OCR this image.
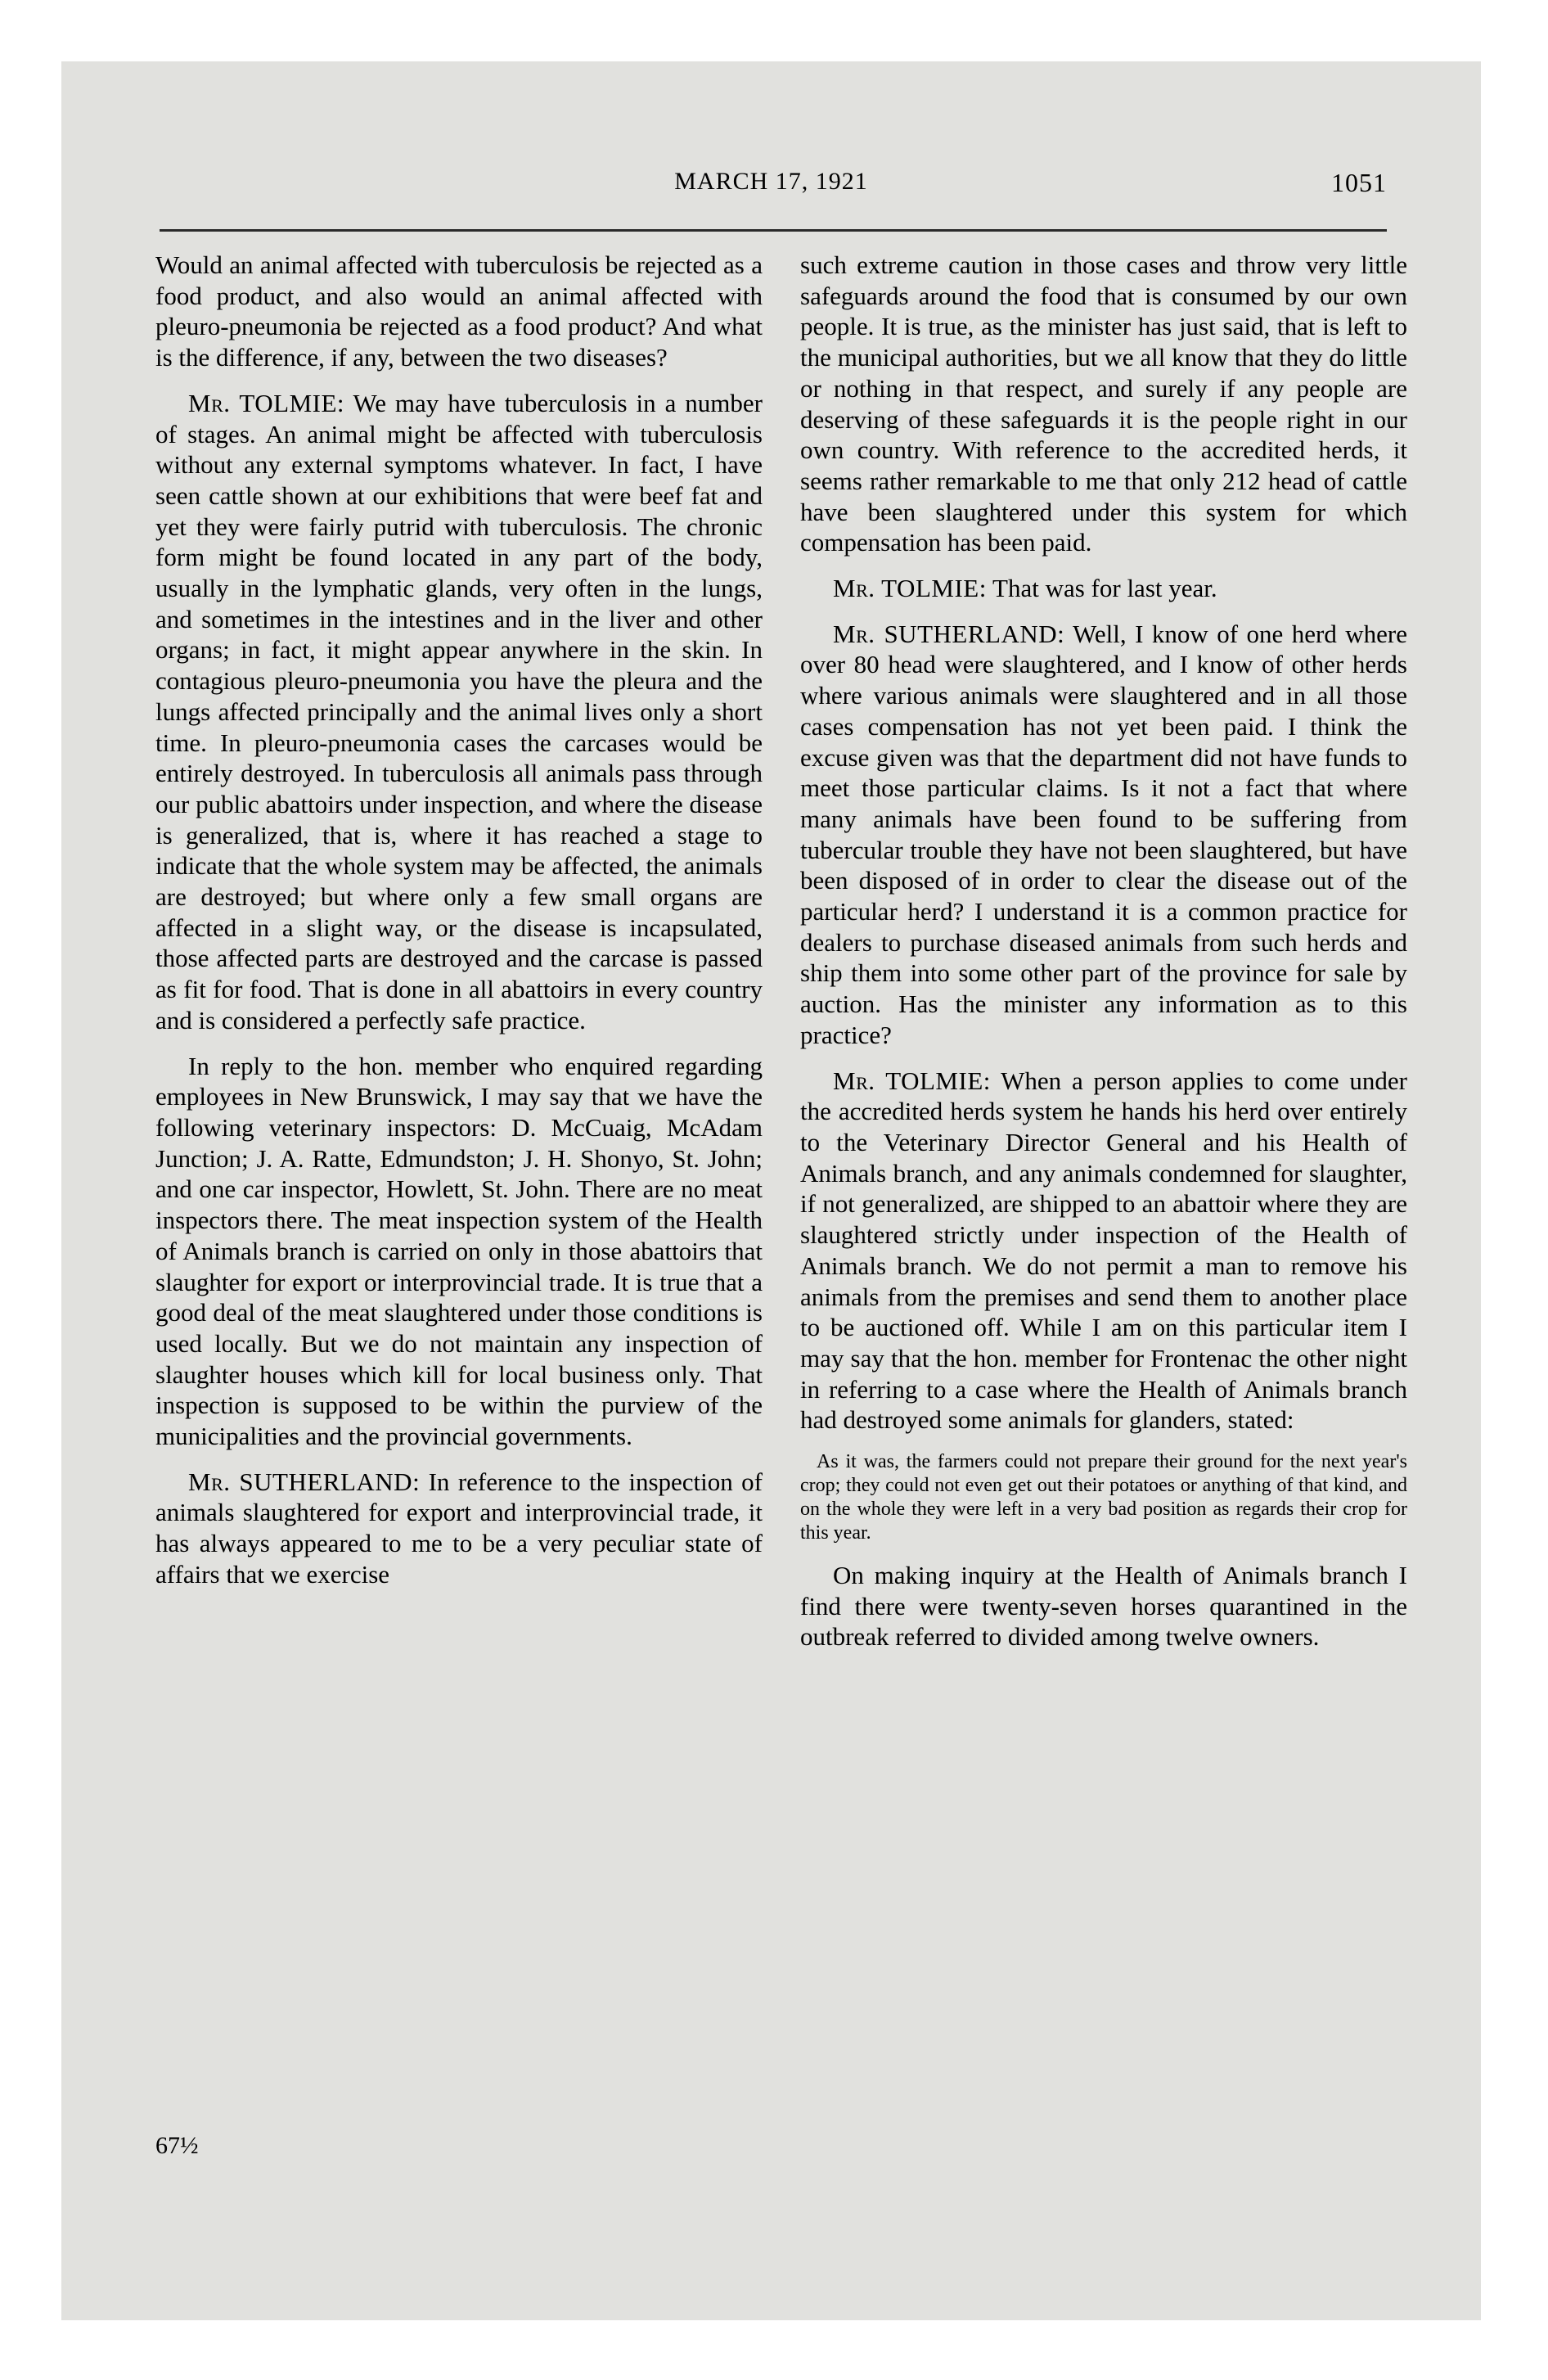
MARCH 17, 1921	1051

Would an animal affected with tuberculosis be rejected as a food product, and also would an animal affected with pleuro-pneumonia be rejected as a food product? And what is the difference, if any, between the two diseases?

Mr. TOLMIE: We may have tuberculosis in a number of stages. An animal might be affected with tuberculosis without any external symptoms whatever. In fact, I have seen cattle shown at our exhibitions that were beef fat and yet they were fairly putrid with tuberculosis. The chronic form might be found located in any part of the body, usually in the lymphatic glands, very often in the lungs, and sometimes in the intestines and in the liver and other organs; in fact, it might appear anywhere in the skin. In contagious pleuro-pneumonia you have the pleura and the lungs affected principally and the animal lives only a short time. In pleuro-pneumonia cases the carcases would be entirely destroyed. In tuberculosis all animals pass through our public abattoirs under inspection, and where the disease is generalized, that is, where it has reached a stage to indicate that the whole system may be affected, the animals are destroyed; but where only a few small organs are affected in a slight way, or the disease is incapsulated, those affected parts are destroyed and the carcase is passed as fit for food. That is done in all abattoirs in every country and is considered a perfectly safe practice.

In reply to the hon. member who enquired regarding employees in New Brunswick, I may say that we have the following veterinary inspectors: D. McCuaig, McAdam Junction; J. A. Ratte, Edmundston; J. H. Shonyo, St. John; and one car inspector, Howlett, St. John. There are no meat inspectors there. The meat inspection system of the Health of Animals branch is carried on only in those abattoirs that slaughter for export or interprovincial trade. It is true that a good deal of the meat slaughtered under those conditions is used locally. But we do not maintain any inspection of slaughter houses which kill for local business only. That inspection is supposed to be within the purview of the municipalities and the provincial governments.

Mr. SUTHERLAND: In reference to the inspection of animals slaughtered for export and interprovincial trade, it has always appeared to me to be a very peculiar state of affairs that we exercise

such extreme caution in those cases and throw very little safeguards around the food that is consumed by our own people. It is true, as the minister has just said, that is left to the municipal authorities, but we all know that they do little or nothing in that respect, and surely if any people are deserving of these safeguards it is the people right in our own country. With reference to the accredited herds, it seems rather remarkable to me that only 212 head of cattle have been slaughtered under this system for which compensation has been paid.

Mr. TOLMIE: That was for last year.

Mr. SUTHERLAND: Well, I know of one herd where over 80 head were slaughtered, and I know of other herds where various animals were slaughtered and in all those cases compensation has not yet been paid. I think the excuse given was that the department did not have funds to meet those particular claims. Is it not a fact that where many animals have been found to be suffering from tubercular trouble they have not been slaughtered, but have been disposed of in order to clear the disease out of the particular herd? I understand it is a common practice for dealers to purchase diseased animals from such herds and ship them into some other part of the province for sale by auction. Has the minister any information as to this practice?

Mr. TOLMIE: When a person applies to come under the accredited herds system he hands his herd over entirely to the Veterinary Director General and his Health of Animals branch, and any animals condemned for slaughter, if not generalized, are shipped to an abattoir where they are slaughtered strictly under inspection of the Health of Animals branch. We do not permit a man to remove his animals from the premises and send them to another place to be auctioned off. While I am on this particular item I may say that the hon. member for Frontenac the other night in referring to a case where the Health of Animals branch had destroyed some animals for glanders, stated:

As it was, the farmers could not prepare their ground for the next year's crop; they could not even get out their potatoes or anything of that kind, and on the whole they were left in a very bad position as regards their crop for this year.

On making inquiry at the Health of Animals branch I find there were twenty-seven horses quarantined in the outbreak referred to divided among twelve owners.

67½
